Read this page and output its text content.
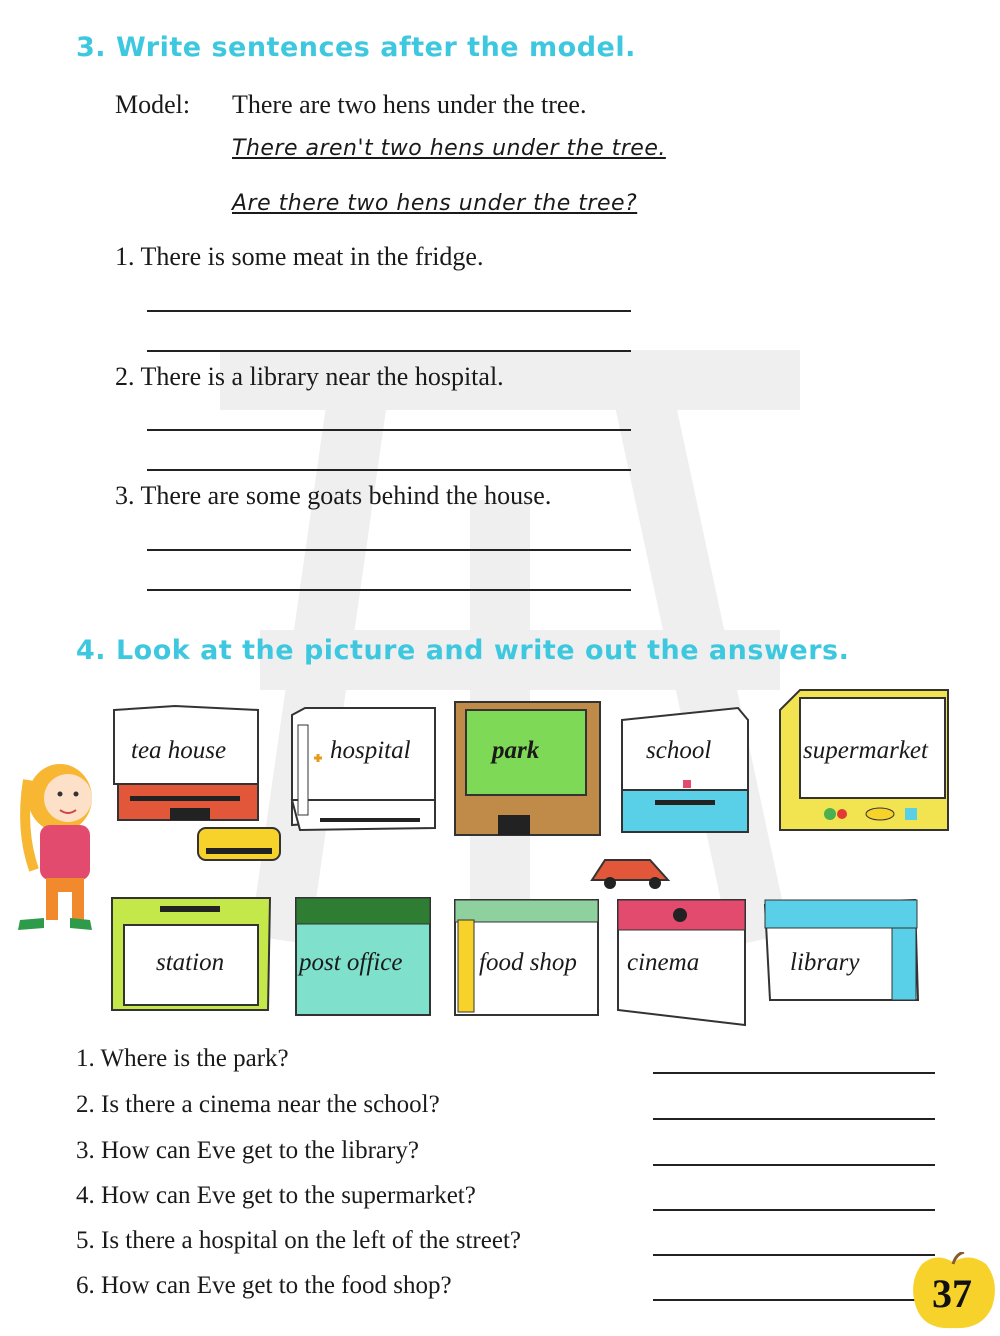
3. Write sentences after the model.
Model: There are two hens under the tree.
There aren't two hens under the tree.
Are there two hens under the tree?
1. There is some meat in the fridge.
2. There is a library near the hospital.
3. There are some goats behind the house.
4. Look at the picture and write out the answers.
tea house	hospital	park	school	supermarket
station	post office	food shop cinema	library
1. Where is the park?
2. Is there a cinema near the school?
3. How can Eve get to the library?
4. How can Eve get to the supermarket?
5. Is there a hospital on the left of the street?
6. How can Eve get to the food shop?	37
